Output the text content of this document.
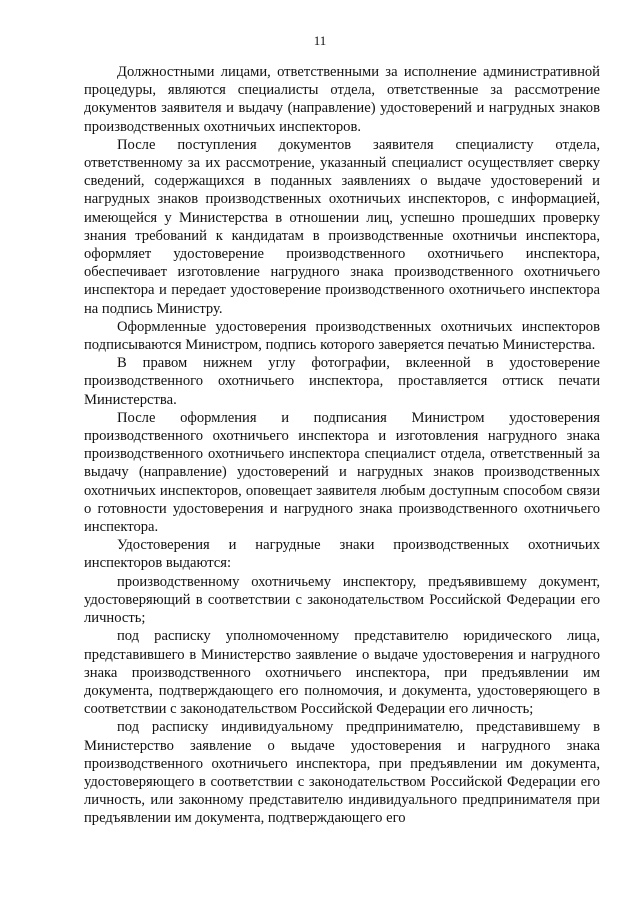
11

Должностными лицами, ответственными за исполнение административной процедуры, являются специалисты отдела, ответственные за рассмотрение документов заявителя и выдачу (направление) удостоверений и нагрудных знаков производственных охотничьих инспекторов.

После поступления документов заявителя специалисту отдела, ответственному за их рассмотрение, указанный специалист осуществляет сверку сведений, содержащихся в поданных заявлениях о выдаче удостоверений и нагрудных знаков производственных охотничьих инспекторов, с информацией, имеющейся у Министерства в отношении лиц, успешно прошедших проверку знания требований к кандидатам в производственные охотничьи инспектора, оформляет удостоверение производственного охотничьего инспектора, обеспечивает изготовление нагрудного знака производственного охотничьего инспектора и передает удостоверение производственного охотничьего инспектора на подпись Министру.

Оформленные удостоверения производственных охотничьих инспекторов подписываются Министром, подпись которого заверяется печатью Министерства.

В правом нижнем углу фотографии, вклеенной в удостоверение производственного охотничьего инспектора, проставляется оттиск печати Министерства.

После оформления и подписания Министром удостоверения производственного охотничьего инспектора и изготовления нагрудного знака производственного охотничьего инспектора специалист отдела, ответственный за выдачу (направление) удостоверений и нагрудных знаков производственных охотничьих инспекторов, оповещает заявителя любым доступным способом связи о готовности удостоверения и нагрудного знака производственного охотничьего инспектора.

Удостоверения и нагрудные знаки производственных охотничьих инспекторов выдаются:

производственному охотничьему инспектору, предъявившему документ, удостоверяющий в соответствии с законодательством Российской Федерации его личность;

под расписку уполномоченному представителю юридического лица, представившего в Министерство заявление о выдаче удостоверения и нагрудного знака производственного охотничьего инспектора, при предъявлении им документа, подтверждающего его полномочия, и документа, удостоверяющего в соответствии с законодательством Российской Федерации его личность;

под расписку индивидуальному предпринимателю, представившему в Министерство заявление о выдаче удостоверения и нагрудного знака производственного охотничьего инспектора, при предъявлении им документа, удостоверяющего в соответствии с законодательством Российской Федерации его личность, или законному представителю индивидуального предпринимателя при предъявлении им документа, подтверждающего его
